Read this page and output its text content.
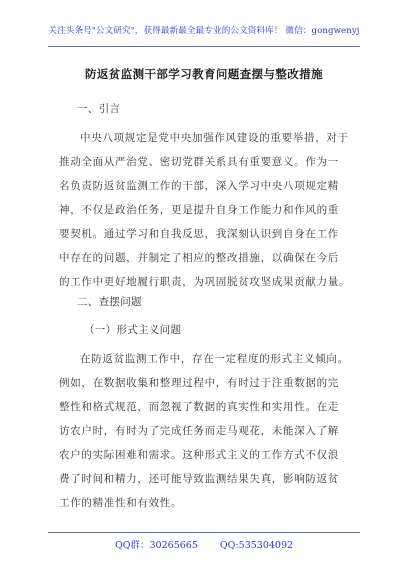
关注头条号"公文研究"，获得最新最全最专业的公文资料库！ 微信：gongwenyj
防返贫监测干部学习教育问题查摆与整改措施
一、引言
中央八项规定是党中央加强作风建设的重要举措，对于
推动全面从严治党、密切党群关系具有重要意义。作为一
名负责防返贫监测工作的干部，深入学习中央八项规定精
神，不仅是政治任务，更是提升自身工作能力和作风的重
要契机。通过学习和自我反思，我深刻认识到自身在工作
中存在的问题，并制定了相应的整改措施，以确保在今后
的工作中更好地履行职责，为巩固脱贫攻坚成果贡献力量。
二、查摆问题
（一）形式主义问题
在防返贫监测工作中，存在一定程度的形式主义倾向。
例如，在数据收集和整理过程中，有时过于注重数据的完
整性和格式规范，而忽视了数据的真实性和实用性。在走
访农户时，有时为了完成任务而走马观花，未能深入了解
农户的实际困难和需求。这种形式主义的工作方式不仅浪
费了时间和精力，还可能导致监测结果失真，影响防返贫
工作的精准性和有效性。
QQ群：30265665 QQ:535304092
